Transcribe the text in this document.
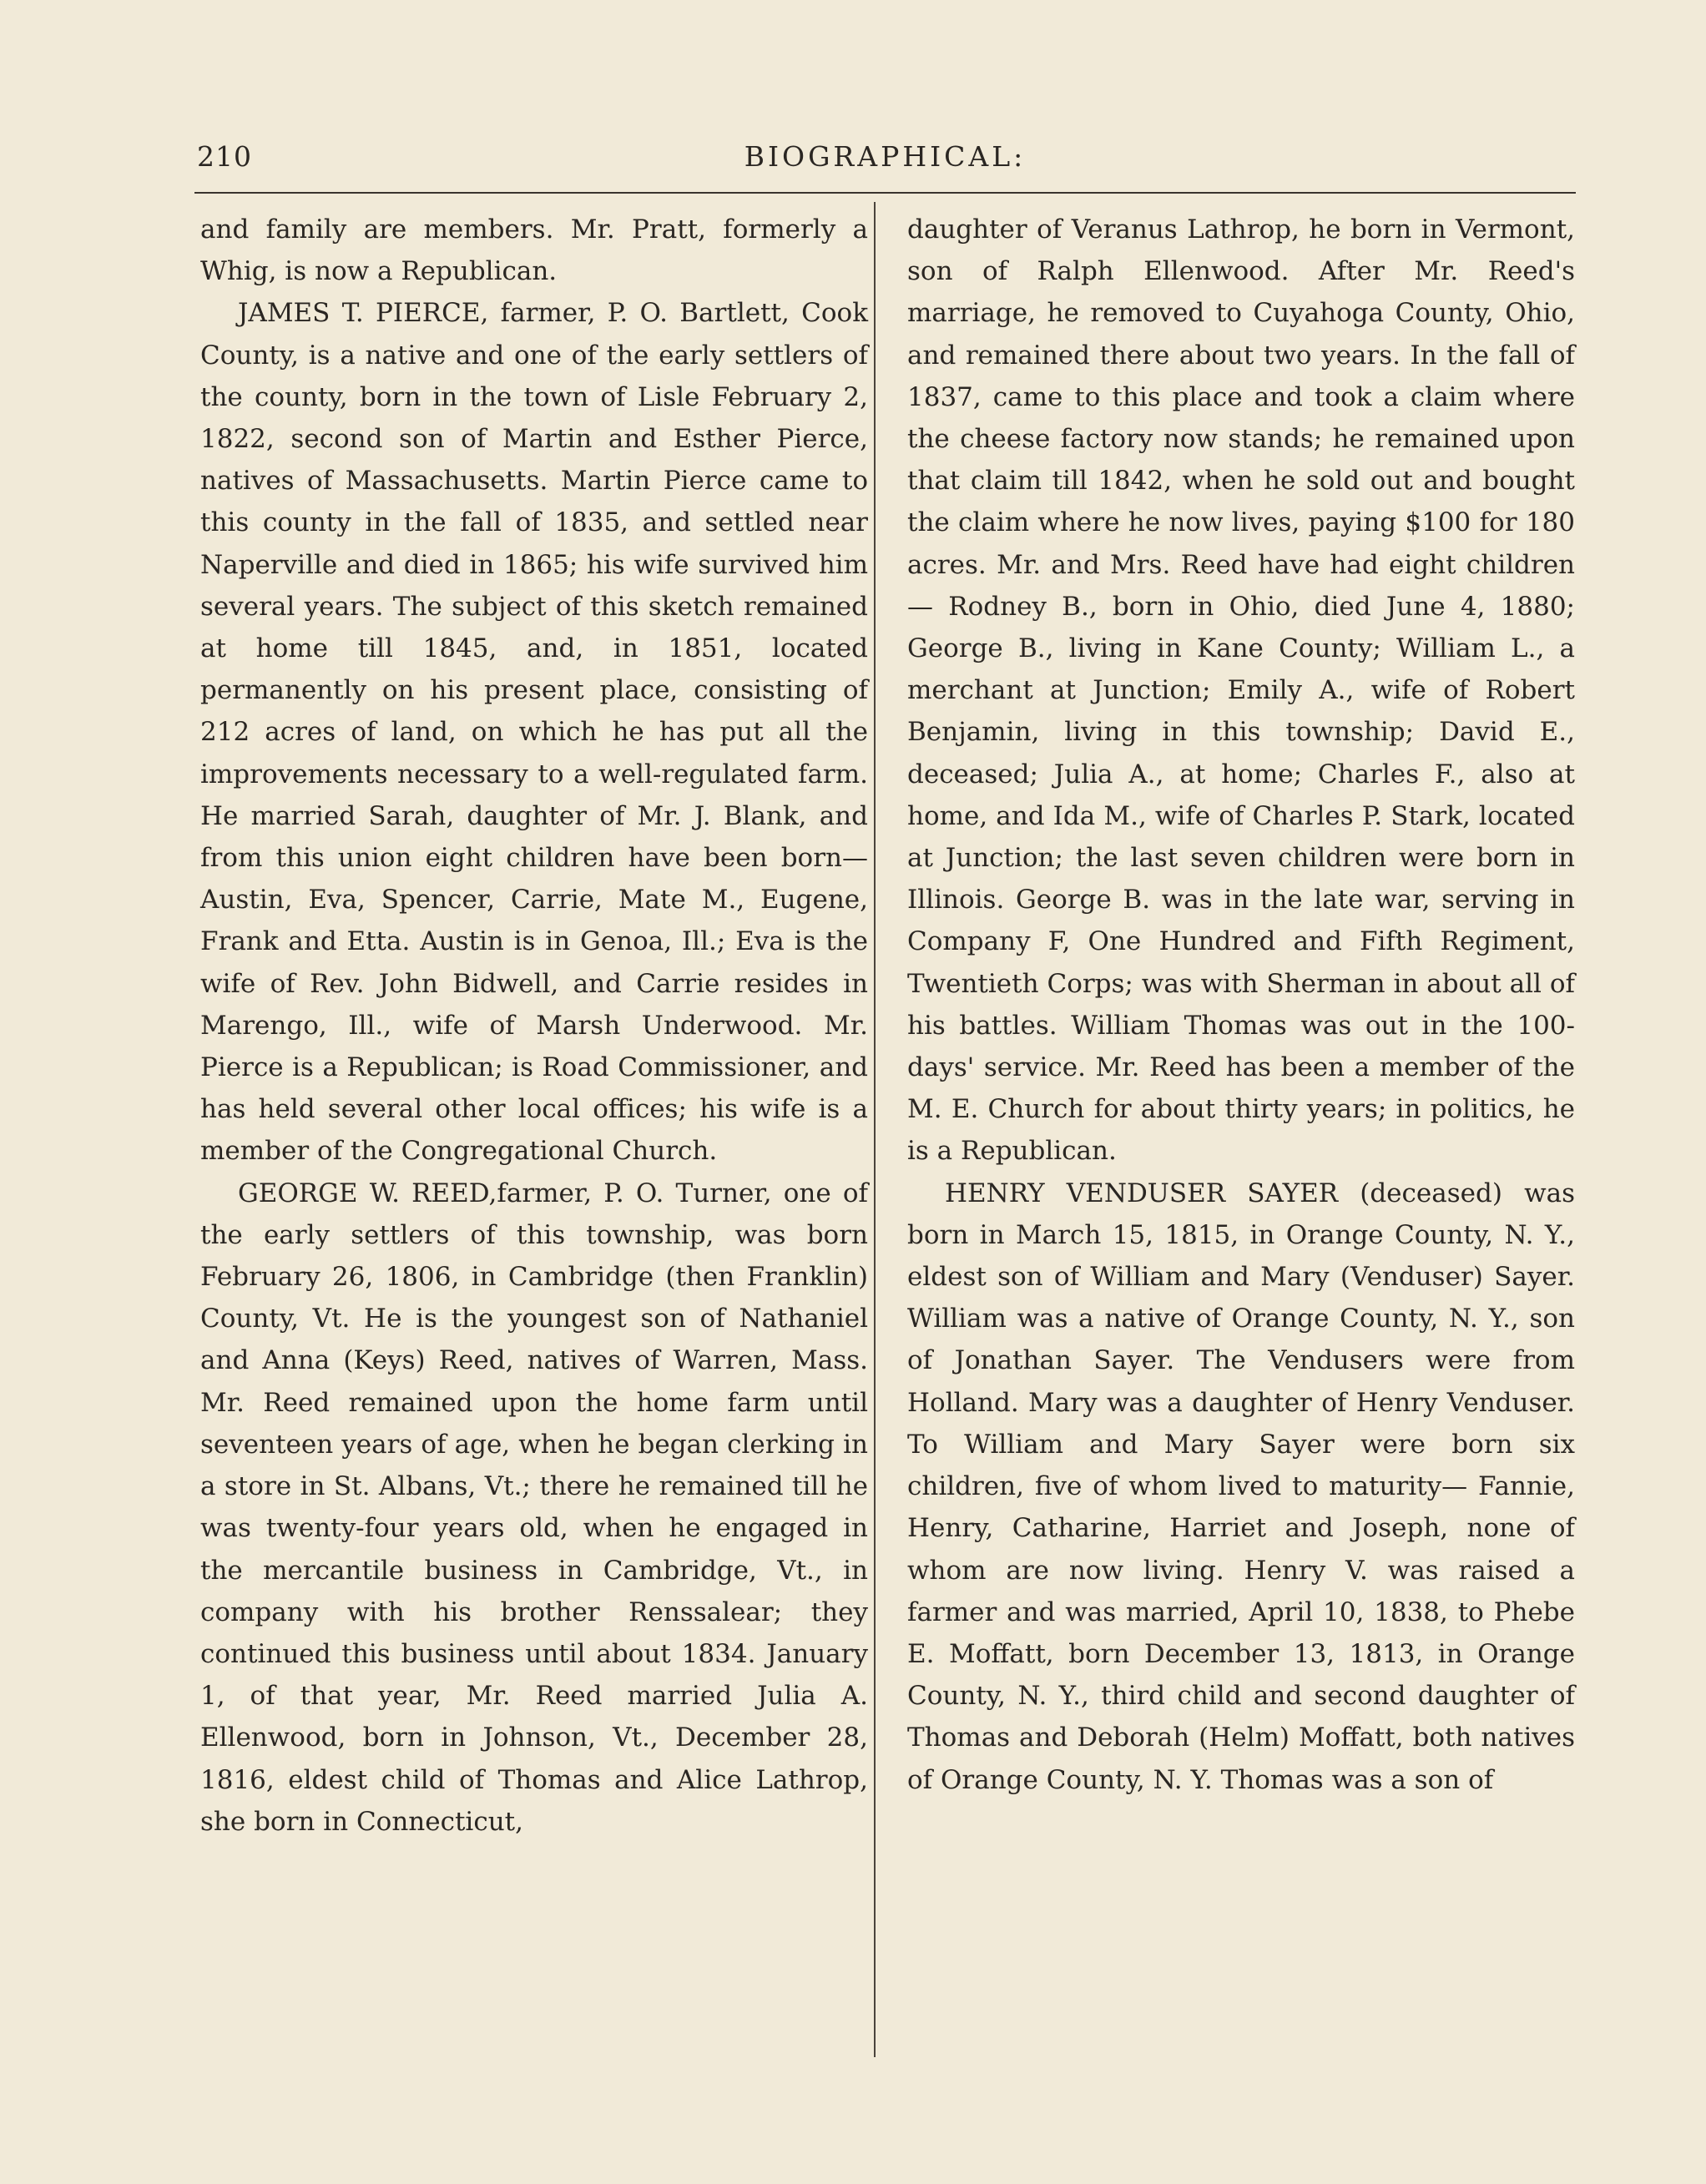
210	BIOGRAPHICAL:

and family are members. Mr. Pratt, formerly a Whig, is now a Republican.

JAMES T. PIERCE, farmer, P. O. Bartlett, Cook County, is a native and one of the early settlers of the county, born in the town of Lisle February 2, 1822, second son of Martin and Esther Pierce, natives of Massachusetts. Martin Pierce came to this county in the fall of 1835, and settled near Naperville and died in 1865; his wife survived him several years. The subject of this sketch remained at home till 1845, and, in 1851, located permanently on his present place, consisting of 212 acres of land, on which he has put all the improvements necessary to a well-regulated farm. He married Sarah, daughter of Mr. J. Blank, and from this union eight children have been born—Austin, Eva, Spencer, Carrie, Mate M., Eugene, Frank and Etta. Austin is in Genoa, Ill.; Eva is the wife of Rev. John Bidwell, and Carrie resides in Marengo, Ill., wife of Marsh Underwood. Mr. Pierce is a Republican; is Road Commissioner, and has held several other local offices; his wife is a member of the Congregational Church.

GEORGE W. REED,farmer, P. O. Turner, one of the early settlers of this township, was born February 26, 1806, in Cambridge (then Franklin) County, Vt. He is the youngest son of Nathaniel and Anna (Keys) Reed, natives of Warren, Mass. Mr. Reed remained upon the home farm until seventeen years of age, when he began clerking in a store in St. Albans, Vt.; there he remained till he was twenty-four years old, when he engaged in the mercantile business in Cambridge, Vt., in company with his brother Renssalear; they continued this business until about 1834. January 1, of that year, Mr. Reed married Julia A. Ellenwood, born in Johnson, Vt., December 28, 1816, eldest child of Thomas and Alice Lathrop, she born in Connecticut,

daughter of Veranus Lathrop, he born in Vermont, son of Ralph Ellenwood. After Mr. Reed's marriage, he removed to Cuyahoga County, Ohio, and remained there about two years. In the fall of 1837, came to this place and took a claim where the cheese factory now stands; he remained upon that claim till 1842, when he sold out and bought the claim where he now lives, paying $100 for 180 acres. Mr. and Mrs. Reed have had eight children — Rodney B., born in Ohio, died June 4, 1880; George B., living in Kane County; William L., a merchant at Junction; Emily A., wife of Robert Benjamin, living in this township; David E., deceased; Julia A., at home; Charles F., also at home, and Ida M., wife of Charles P. Stark, located at Junction; the last seven children were born in Illinois. George B. was in the late war, serving in Company F, One Hundred and Fifth Regiment, Twentieth Corps; was with Sherman in about all of his battles. William Thomas was out in the 100-days' service. Mr. Reed has been a member of the M. E. Church for about thirty years; in politics, he is a Republican.

HENRY VENDUSER SAYER (deceased) was born in March 15, 1815, in Orange County, N. Y., eldest son of William and Mary (Venduser) Sayer. William was a native of Orange County, N. Y., son of Jonathan Sayer. The Vendusers were from Holland. Mary was a daughter of Henry Venduser. To William and Mary Sayer were born six children, five of whom lived to maturity— Fannie, Henry, Catharine, Harriet and Joseph, none of whom are now living. Henry V. was raised a farmer and was married, April 10, 1838, to Phebe E. Moffatt, born December 13, 1813, in Orange County, N. Y., third child and second daughter of Thomas and Deborah (Helm) Moffatt, both natives of Orange County, N. Y. Thomas was a son of
